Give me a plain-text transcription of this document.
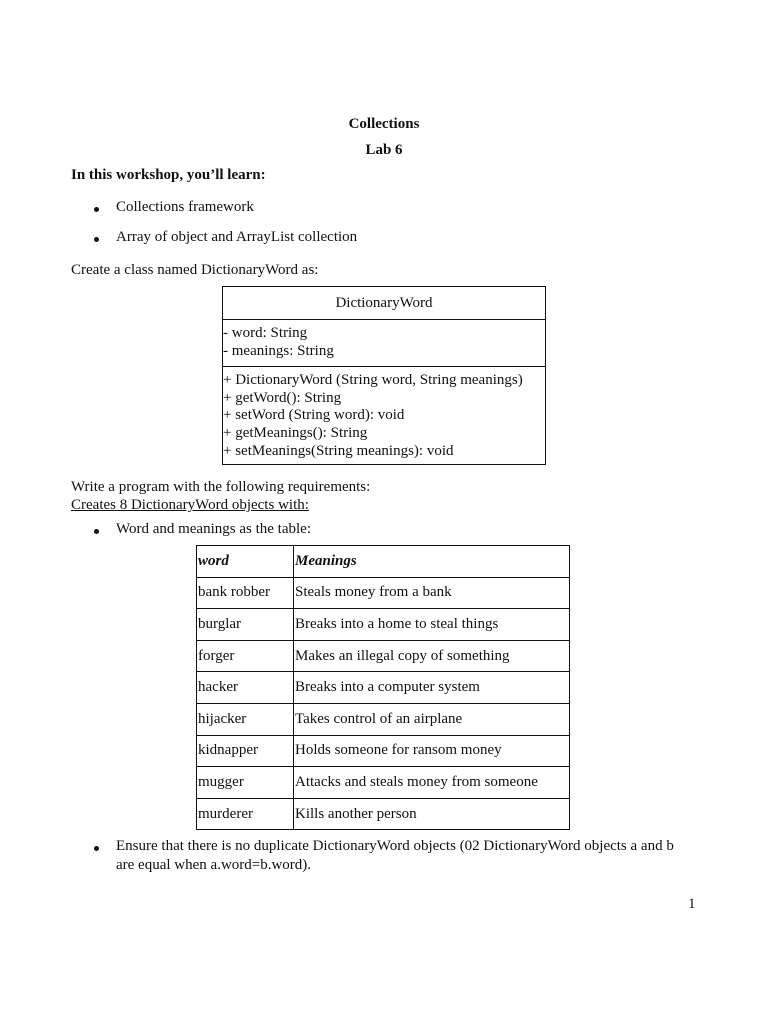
Collections
Lab 6
In this workshop, you’ll learn:
Collections framework
Array of object and ArrayList collection
Create a class named DictionaryWord as:
DictionaryWord
- word: String
- meanings: String
+ DictionaryWord (String word, String meanings)
+ getWord(): String
+ setWord (String word): void
+ getMeanings(): String
+ setMeanings(String meanings): void
Write a program with the following requirements:
Creates 8 DictionaryWord objects with:
Word and meanings as the table:
word	Meanings
bank robber	Steals money from a bank
burglar	Breaks into a home to steal things
forger	Makes an illegal copy of something
hacker	Breaks into a computer system
hijacker	Takes control of an airplane
kidnapper	Holds someone for ransom money
mugger	Attacks and steals money from someone
murderer	Kills another person
Ensure that there is no duplicate DictionaryWord objects (02 DictionaryWord objects a and b
are equal when a.word=b.word).
1
